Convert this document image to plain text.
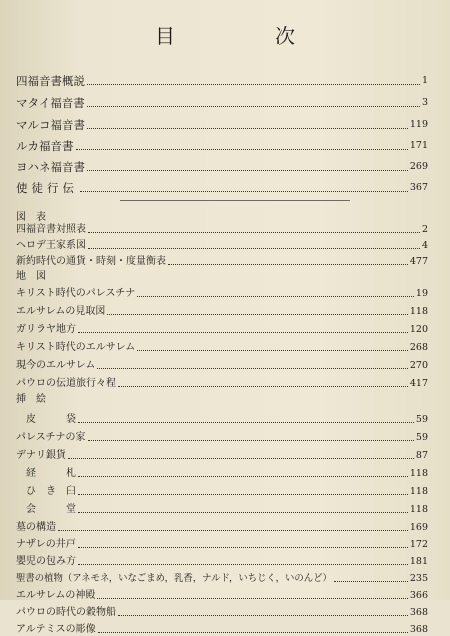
目　次
四福音書概説	1
マタイ福音書	3
マルコ福音書	119
ルカ福音書	171
ヨハネ福音書	269
使徒行伝	367
図　表
四福音書対照表	2
ヘロデ王家系図	4
新約時代の通貨・時刻・度量衡表	477
地　図
キリスト時代のパレスチナ	19
エルサレムの見取図	118
ガリラヤ地方	120
キリスト時代のエルサレム	268
現今のエルサレム	270
パウロの伝道旅行々程	417
挿　絵
皮　　　袋	59
パレスチナの家	59
デナリ銀貨	87
経　　　札	118
ひ　き　臼	118
会　　　堂	118
墓の構造	169
ナザレの井戸	172
嬰児の包み方	181
聖書の植物（アネモネ，いなごまめ，乳香，ナルド，いちじく，いのんど）	235
エルサレムの神殿	366
パウロの時代の穀物船	368
アルテミスの彫像	368
